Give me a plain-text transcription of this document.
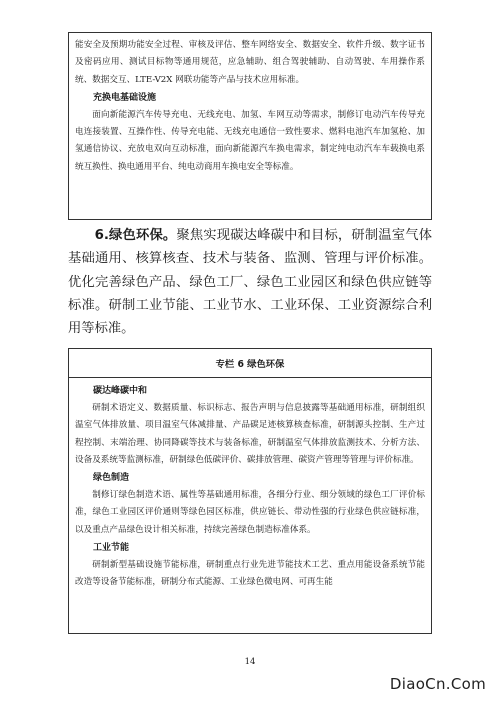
能安全及预期功能安全过程、审核及评估、整车网络安全、数据安全、软件升级、数字证书及密码应用、测试目标物等通用规范，应急辅助、组合驾驶辅助、自动驾驶、车用操作系统、数据交互、LTE-V2X 网联功能等产品与技术应用标准。

充换电基础设施

面向新能源汽车传导充电、无线充电、加氢、车网互动等需求，制修订电动汽车传导充电连接装置、互操作性、传导充电能、无线充电通信一致性要求、燃料电池汽车加氢枪、加氢通信协议、充放电双向互动标准，面向新能源汽车换电需求，制定纯电动汽车车载换电系统互换性、换电通用平台、纯电动商用车换电安全等标准。

6.绿色环保。聚焦实现碳达峰碳中和目标，研制温室气体基础通用、核算核查、技术与装备、监测、管理与评价标准。优化完善绿色产品、绿色工厂、绿色工业园区和绿色供应链等标准。研制工业节能、工业节水、工业环保、工业资源综合利用等标准。

专栏 6 绿色环保

碳达峰碳中和

研制术语定义、数据质量、标识标志、报告声明与信息披露等基础通用标准，研制组织温室气体排放量、项目温室气体减排量、产品碳足迹核算核查标准，研制源头控制、生产过程控制、末端治理、协同降碳等技术与装备标准，研制温室气体排放监测技术、分析方法、设备及系统等监测标准，研制绿色低碳评价、碳排放管理、碳资产管理等管理与评价标准。

绿色制造

制修订绿色制造术语、属性等基础通用标准，各细分行业、细分领域的绿色工厂评价标准，绿色工业园区评价通则等绿色园区标准，供应链长、带动性强的行业绿色供应链标准，以及重点产品绿色设计相关标准，持续完善绿色制造标准体系。

工业节能

研制新型基础设施节能标准，研制重点行业先进节能技术工艺、重点用能设备系统节能改造等设备节能标准，研制分布式能源、工业绿色微电网、可再生能

14
DiaoCn.Com
